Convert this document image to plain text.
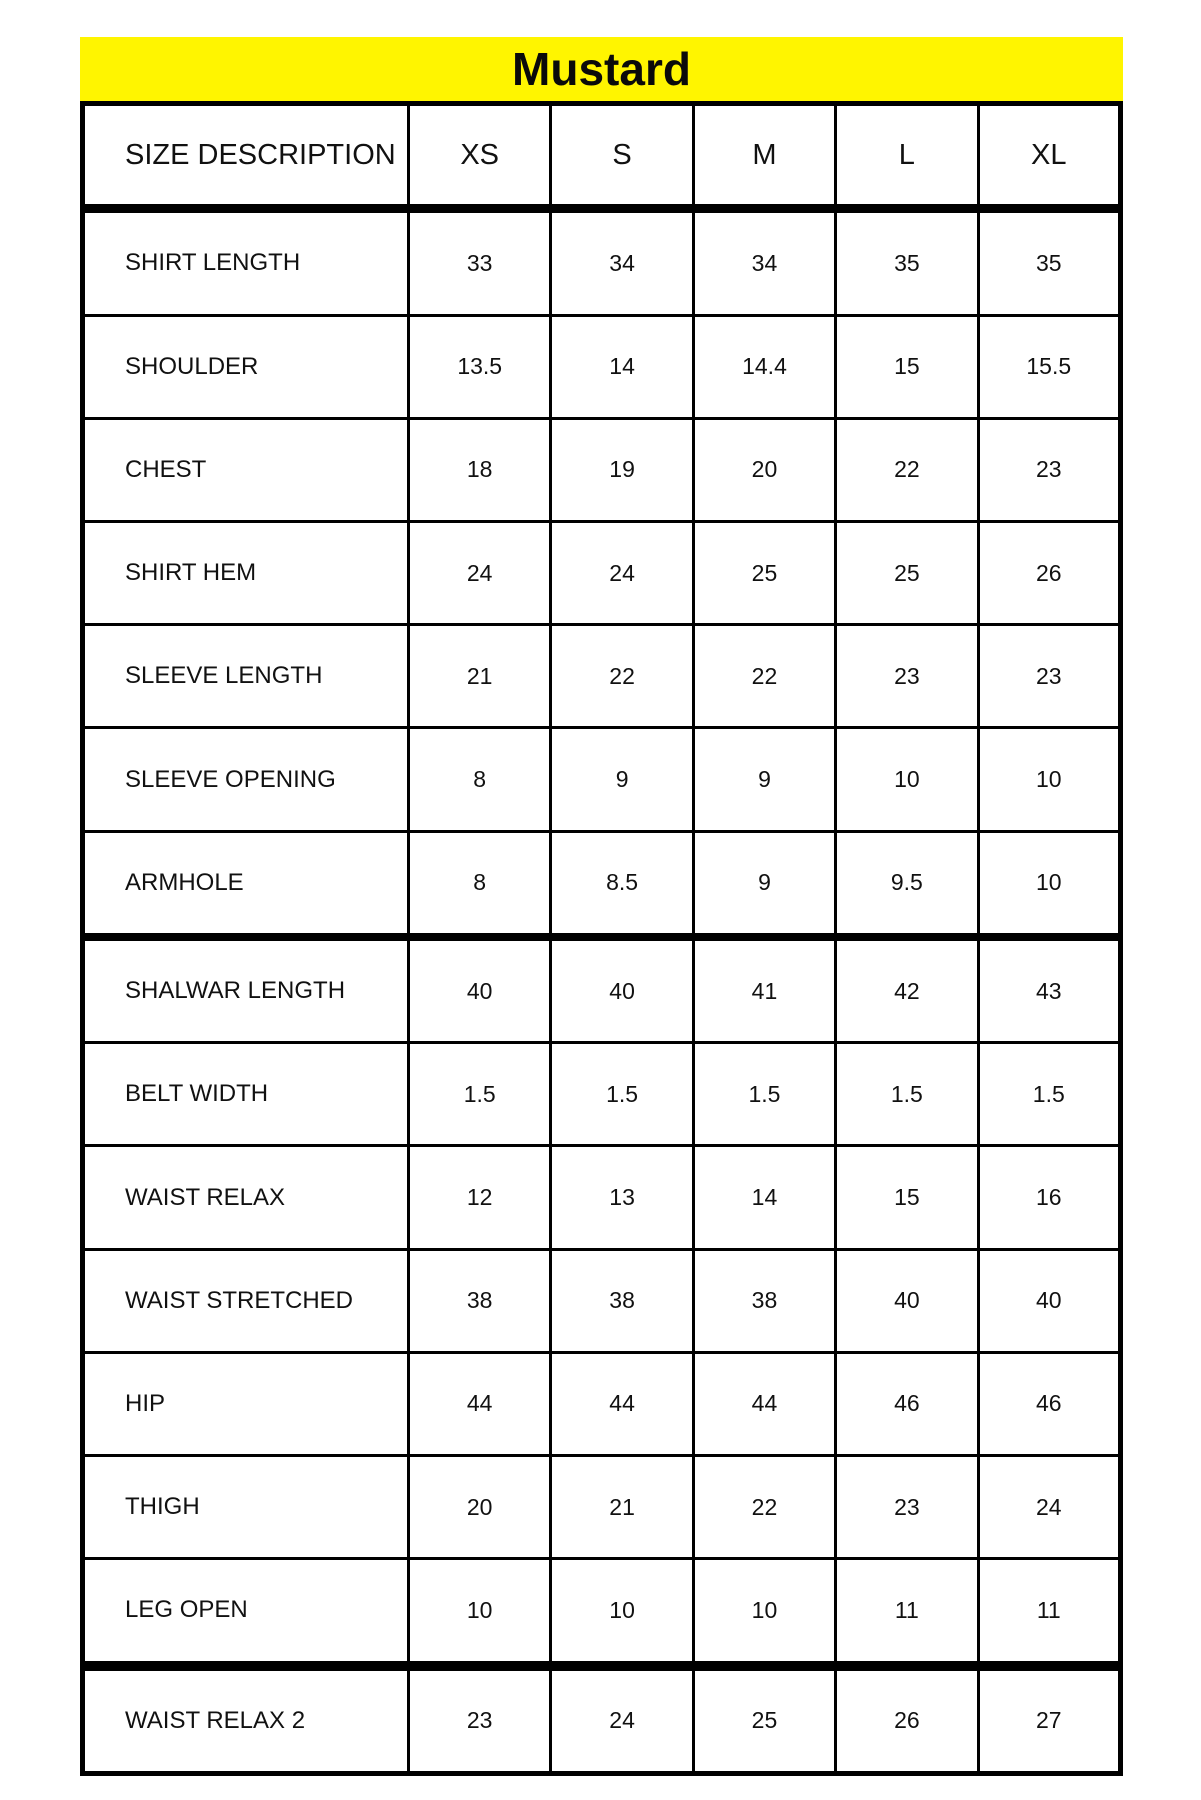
Mustard
SIZE DESCRIPTION	XS	S	M	L	XL
SHIRT LENGTH	33	34	34	35	35
SHOULDER	13.5	14	14.4	15	15.5
CHEST	18	19	20	22	23
SHIRT HEM	24	24	25	25	26
SLEEVE LENGTH	21	22	22	23	23
SLEEVE OPENING	8	9	9	10	10
ARMHOLE	8	8.5	9	9.5	10
SHALWAR LENGTH	40	40	41	42	43
BELT WIDTH	1.5	1.5	1.5	1.5	1.5
WAIST RELAX	12	13	14	15	16
WAIST STRETCHED	38	38	38	40	40
HIP	44	44	44	46	46
THIGH	20	21	22	23	24
LEG OPEN	10	10	10	11	11
WAIST RELAX 2	23	24	25	26	27
